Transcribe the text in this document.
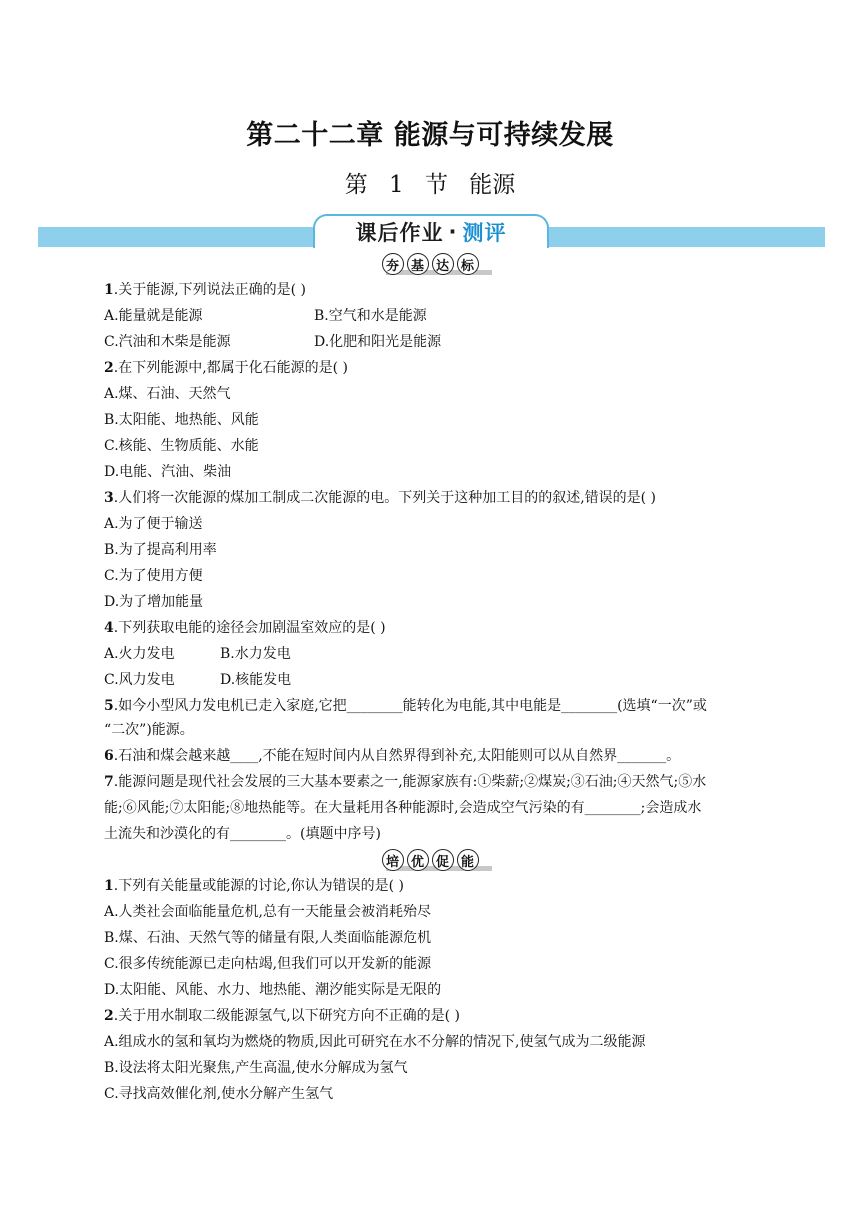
第二十二章 能源与可持续发展
第 1 节 能源
课后作业 · 测评
夯 基 达 标
1.关于能源,下列说法正确的是( )
A.能量就是能源	B.空气和水是能源
C.汽油和木柴是能源	D.化肥和阳光是能源
2.在下列能源中,都属于化石能源的是( )
A.煤、石油、天然气
B.太阳能、地热能、风能
C.核能、生物质能、水能
D.电能、汽油、柴油
3.人们将一次能源的煤加工制成二次能源的电。下列关于这种加工目的的叙述,错误的是( )
A.为了便于输送
B.为了提高利用率
C.为了使用方便
D.为了增加能量
4.下列获取电能的途径会加剧温室效应的是( )
A.火力发电	B.水力发电
C.风力发电	D.核能发电
5.如今小型风力发电机已走入家庭,它把________能转化为电能,其中电能是________(选填“一次”或
“二次”)能源。
6.石油和煤会越来越____,不能在短时间内从自然界得到补充,太阳能则可以从自然界_______。
7.能源问题是现代社会发展的三大基本要素之一,能源家族有:①柴薪;②煤炭;③石油;④天然气;⑤水
能;⑥风能;⑦太阳能;⑧地热能等。在大量耗用各种能源时,会造成空气污染的有________;会造成水
土流失和沙漠化的有________。(填题中序号)
培 优 促 能
1.下列有关能量或能源的讨论,你认为错误的是( )
A.人类社会面临能量危机,总有一天能量会被消耗殆尽
B.煤、石油、天然气等的储量有限,人类面临能源危机
C.很多传统能源已走向枯竭,但我们可以开发新的能源
D.太阳能、风能、水力、地热能、潮汐能实际是无限的
2.关于用水制取二级能源氢气,以下研究方向不正确的是( )
A.组成水的氢和氧均为燃烧的物质,因此可研究在水不分解的情况下,使氢气成为二级能源
B.设法将太阳光聚焦,产生高温,使水分解成为氢气
C.寻找高效催化剂,使水分解产生氢气
